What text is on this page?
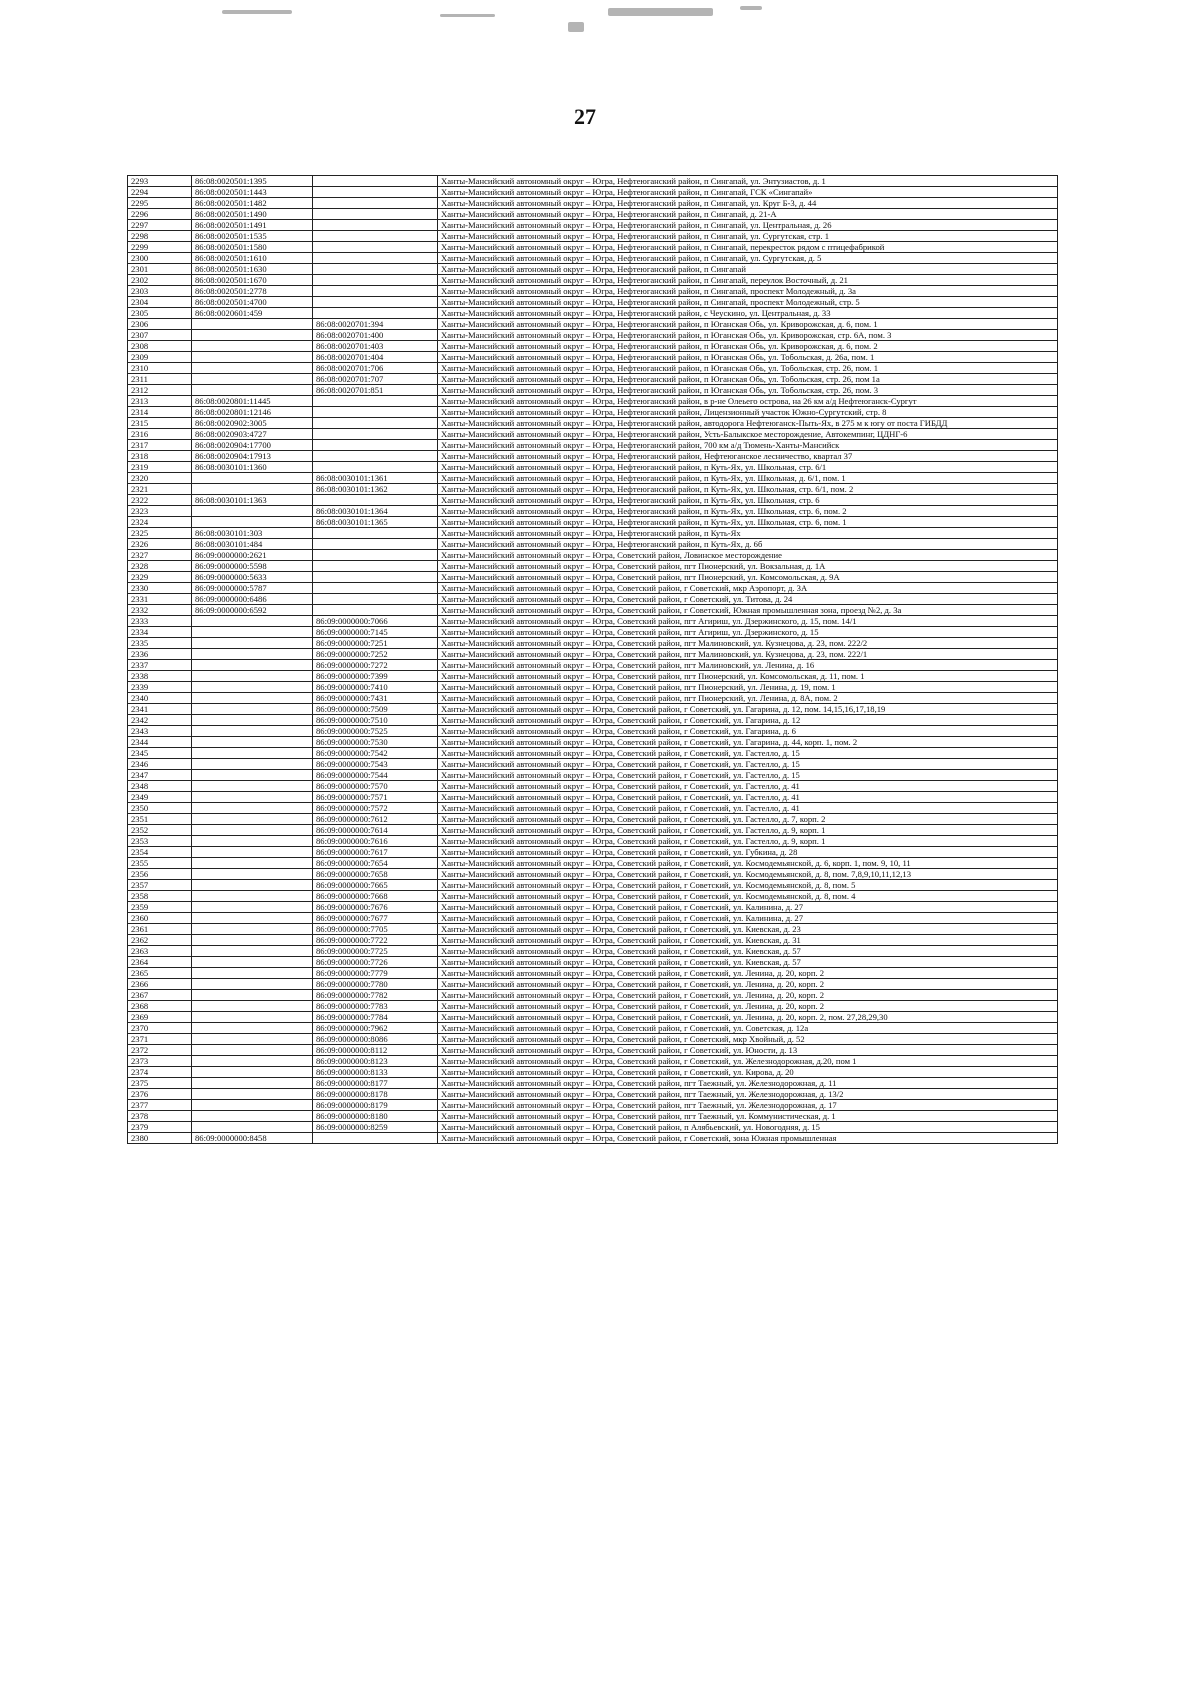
27
2293	86:08:0020501:1395		Ханты-Мансийский автономный округ – Югра, Нефтеюганский район, п Сингапай, ул. Энтузиастов, д. 1
2294	86:08:0020501:1443		Ханты-Мансийский автономный округ – Югра, Нефтеюганский район, п Сингапай, ГСК «Сингапай»
2295	86:08:0020501:1482		Ханты-Мансийский автономный округ – Югра, Нефтеюганский район, п Сингапай, ул. Круг Б-3, д. 44
2296	86:08:0020501:1490		Ханты-Мансийский автономный округ – Югра, Нефтеюганский район, п Сингапай, д. 21-А
2297	86:08:0020501:1491		Ханты-Мансийский автономный округ – Югра, Нефтеюганский район, п Сингапай, ул. Центральная, д. 26
2298	86:08:0020501:1535		Ханты-Мансийский автономный округ – Югра, Нефтеюганский район, п Сингапай, ул. Сургутская, стр. 1
2299	86:08:0020501:1580		Ханты-Мансийский автономный округ – Югра, Нефтеюганский район, п Сингапай, перекресток рядом с птицефабрикой
2300	86:08:0020501:1610		Ханты-Мансийский автономный округ – Югра, Нефтеюганский район, п Сингапай, ул. Сургутская, д. 5
2301	86:08:0020501:1630		Ханты-Мансийский автономный округ – Югра, Нефтеюганский район, п Сингапай
2302	86:08:0020501:1670		Ханты-Мансийский автономный округ – Югра, Нефтеюганский район, п Сингапай, переулок Восточный, д. 21
2303	86:08:0020501:2778		Ханты-Мансийский автономный округ – Югра, Нефтеюганский район, п Сингапай, проспект Молодежный, д. 3а
2304	86:08:0020501:4700		Ханты-Мансийский автономный округ – Югра, Нефтеюганский район, п Сингапай, проспект Молодежный, стр. 5
2305	86:08:0020601:459		Ханты-Мансийский автономный округ – Югра, Нефтеюганский район, с Чеускино, ул. Центральная, д. 33
2306		86:08:0020701:394	Ханты-Мансийский автономный округ – Югра, Нефтеюганский район, п Юганская Обь, ул. Криворожская, д. 6, пом. 1
2307		86:08:0020701:400	Ханты-Мансийский автономный округ – Югра, Нефтеюганский район, п Юганская Обь, ул. Криворожская, стр. 6А, пом. 3
2308		86:08:0020701:403	Ханты-Мансийский автономный округ – Югра, Нефтеюганский район, п Юганская Обь, ул. Криворожская, д. 6, пом. 2
2309		86:08:0020701:404	Ханты-Мансийский автономный округ – Югра, Нефтеюганский район, п Юганская Обь, ул. Тобольская, д. 26а, пом. 1
2310		86:08:0020701:706	Ханты-Мансийский автономный округ – Югра, Нефтеюганский район, п Юганская Обь, ул. Тобольская, стр. 26, пом. 1
2311		86:08:0020701:707	Ханты-Мансийский автономный округ – Югра, Нефтеюганский район, п Юганская Обь, ул. Тобольская, стр. 26, пом 1а
2312		86:08:0020701:851	Ханты-Мансийский автономный округ – Югра, Нефтеюганский район, п Юганская Обь, ул. Тобольская, стр. 26, пом. 3
2313	86:08:0020801:11445		Ханты-Мансийский автономный округ – Югра, Нефтеюганский район, в р-не Олеьего острова, на 26 км а/д Нефтеюганск-Сургут
2314	86:08:0020801:12146		Ханты-Мансийский автономный округ – Югра, Нефтеюганский район, Лицензионный участок Южно-Сургутский, стр. 8
2315	86:08:0020902:3005		Ханты-Мансийский автономный округ – Югра, Нефтеюганский район, автодорога Нефтеюганск-Пыть-Ях, в 275 м к югу от поста ГИБДД
2316	86:08:0020903:4727		Ханты-Мансийский автономный округ – Югра, Нефтеюганский район, Усть-Балыкское месторождение, Автокемпинг, ЦДНГ-6
2317	86:08:0020904:17700		Ханты-Мансийский автономный округ – Югра, Нефтеюганский район, 700 км а/д Тюмень-Ханты-Мансийск
2318	86:08:0020904:17913		Ханты-Мансийский автономный округ – Югра, Нефтеюганский район, Нефтеюганское лесничество, квартал 37
2319	86:08:0030101:1360		Ханты-Мансийский автономный округ – Югра, Нефтеюганский район, п Куть-Ях, ул. Школьная, стр. 6/1
2320		86:08:0030101:1361	Ханты-Мансийский автономный округ – Югра, Нефтеюганский район, п Куть-Ях, ул. Школьная, д. 6/1, пом. 1
2321		86:08:0030101:1362	Ханты-Мансийский автономный округ – Югра, Нефтеюганский район, п Куть-Ях, ул. Школьная, стр. 6/1, пом. 2
2322	86:08:0030101:1363		Ханты-Мансийский автономный округ – Югра, Нефтеюганский район, п Куть-Ях, ул. Школьная, стр. 6
2323		86:08:0030101:1364	Ханты-Мансийский автономный округ – Югра, Нефтеюганский район, п Куть-Ях, ул. Школьная, стр. 6, пом. 2
2324		86:08:0030101:1365	Ханты-Мансийский автономный округ – Югра, Нефтеюганский район, п Куть-Ях, ул. Школьная, стр. 6, пом. 1
2325	86:08:0030101:303		Ханты-Мансийский автономный округ – Югра, Нефтеюганский район, п Куть-Ях
2326	86:08:0030101:484		Ханты-Мансийский автономный округ – Югра, Нефтеюганский район, п Куть-Ях, д. 6б
2327	86:09:0000000:2621		Ханты-Мансийский автономный округ – Югра, Советский район, Ловинское месторождение
2328	86:09:0000000:5598		Ханты-Мансийский автономный округ – Югра, Советский район, пгт Пионерский, ул. Вокзальная, д. 1А
2329	86:09:0000000:5633		Ханты-Мансийский автономный округ – Югра, Советский район, пгт Пионерский, ул. Комсомольская, д. 9А
2330	86:09:0000000:5787		Ханты-Мансийский автономный округ – Югра, Советский район, г Советский, мкр Аэропорт, д. 3А
2331	86:09:0000000:6486		Ханты-Мансийский автономный округ – Югра, Советский район, г Советский, ул. Титова, д. 24
2332	86:09:0000000:6592		Ханты-Мансийский автономный округ – Югра, Советский район, г Советский, Южная промышленная зона, проезд №2, д. 3а
2333		86:09:0000000:7066	Ханты-Мансийский автономный округ – Югра, Советский район, пгт Агириш, ул. Дзержинского, д. 15, пом. 14/1
2334		86:09:0000000:7145	Ханты-Мансийский автономный округ – Югра, Советский район, пгт Агириш, ул. Дзержинского, д. 15
2335		86:09:0000000:7251	Ханты-Мансийский автономный округ – Югра, Советский район, пгт Малиновский, ул. Кузнецова, д. 23, пом. 222/2
2336		86:09:0000000:7252	Ханты-Мансийский автономный округ – Югра, Советский район, пгт Малиновский, ул. Кузнецова, д. 23, пом. 222/1
2337		86:09:0000000:7272	Ханты-Мансийский автономный округ – Югра, Советский район, пгт Малиновский, ул. Ленина, д. 16
2338		86:09:0000000:7399	Ханты-Мансийский автономный округ – Югра, Советский район, пгт Пионерский, ул. Комсомольская, д. 11, пом. 1
2339		86:09:0000000:7410	Ханты-Мансийский автономный округ – Югра, Советский район, пгт Пионерский, ул. Ленина, д. 19, пом. 1
2340		86:09:0000000:7431	Ханты-Мансийский автономный округ – Югра, Советский район, пгт Пионерский, ул. Ленина, д. 8А, пом. 2
2341		86:09:0000000:7509	Ханты-Мансийский автономный округ – Югра, Советский район, г Советский, ул. Гагарина, д. 12, пом. 14,15,16,17,18,19
2342		86:09:0000000:7510	Ханты-Мансийский автономный округ – Югра, Советский район, г Советский, ул. Гагарина, д. 12
2343		86:09:0000000:7525	Ханты-Мансийский автономный округ – Югра, Советский район, г Советский, ул. Гагарина, д. 6
2344		86:09:0000000:7530	Ханты-Мансийский автономный округ – Югра, Советский район, г Советский, ул. Гагарина, д. 44, корп. 1, пом. 2
2345		86:09:0000000:7542	Ханты-Мансийский автономный округ – Югра, Советский район, г Советский, ул. Гастелло, д. 15
2346		86:09:0000000:7543	Ханты-Мансийский автономный округ – Югра, Советский район, г Советский, ул. Гастелло, д. 15
2347		86:09:0000000:7544	Ханты-Мансийский автономный округ – Югра, Советский район, г Советский, ул. Гастелло, д. 15
2348		86:09:0000000:7570	Ханты-Мансийский автономный округ – Югра, Советский район, г Советский, ул. Гастелло, д. 41
2349		86:09:0000000:7571	Ханты-Мансийский автономный округ – Югра, Советский район, г Советский, ул. Гастелло, д. 41
2350		86:09:0000000:7572	Ханты-Мансийский автономный округ – Югра, Советский район, г Советский, ул. Гастелло, д. 41
2351		86:09:0000000:7612	Ханты-Мансийский автономный округ – Югра, Советский район, г Советский, ул. Гастелло, д. 7, корп. 2
2352		86:09:0000000:7614	Ханты-Мансийский автономный округ – Югра, Советский район, г Советский, ул. Гастелло, д. 9, корп. 1
2353		86:09:0000000:7616	Ханты-Мансийский автономный округ – Югра, Советский район, г Советский, ул. Гастелло, д. 9, корп. 1
2354		86:09:0000000:7617	Ханты-Мансийский автономный округ – Югра, Советский район, г Советский, ул. Губкина, д. 28
2355		86:09:0000000:7654	Ханты-Мансийский автономный округ – Югра, Советский район, г Советский, ул. Космодемьянской, д. 6, корп. 1, пом. 9, 10, 11
2356		86:09:0000000:7658	Ханты-Мансийский автономный округ – Югра, Советский район, г Советский, ул. Космодемьянской, д. 8, пом. 7,8,9,10,11,12,13
2357		86:09:0000000:7665	Ханты-Мансийский автономный округ – Югра, Советский район, г Советский, ул. Космодемьянской, д. 8, пом. 5
2358		86:09:0000000:7668	Ханты-Мансийский автономный округ – Югра, Советский район, г Советский, ул. Космодемьянской, д. 8, пом. 4
2359		86:09:0000000:7676	Ханты-Мансийский автономный округ – Югра, Советский район, г Советский, ул. Калинина, д. 27
2360		86:09:0000000:7677	Ханты-Мансийский автономный округ – Югра, Советский район, г Советский, ул. Калинина, д. 27
2361		86:09:0000000:7705	Ханты-Мансийский автономный округ – Югра, Советский район, г Советский, ул. Киевская, д. 23
2362		86:09:0000000:7722	Ханты-Мансийский автономный округ – Югра, Советский район, г Советский, ул. Киевская, д. 31
2363		86:09:0000000:7725	Ханты-Мансийский автономный округ – Югра, Советский район, г Советский, ул. Киевская, д. 57
2364		86:09:0000000:7726	Ханты-Мансийский автономный округ – Югра, Советский район, г Советский, ул. Киевская, д. 57
2365		86:09:0000000:7779	Ханты-Мансийский автономный округ – Югра, Советский район, г Советский, ул. Ленина, д. 20, корп. 2
2366		86:09:0000000:7780	Ханты-Мансийский автономный округ – Югра, Советский район, г Советский, ул. Ленина, д. 20, корп. 2
2367		86:09:0000000:7782	Ханты-Мансийский автономный округ – Югра, Советский район, г Советский, ул. Ленина, д. 20, корп. 2
2368		86:09:0000000:7783	Ханты-Мансийский автономный округ – Югра, Советский район, г Советский, ул. Ленина, д. 20, корп. 2
2369		86:09:0000000:7784	Ханты-Мансийский автономный округ – Югра, Советский район, г Советский, ул. Ленина, д. 20, корп. 2, пом. 27,28,29,30
2370		86:09:0000000:7962	Ханты-Мансийский автономный округ – Югра, Советский район, г Советский, ул. Советская, д. 12а
2371		86:09:0000000:8086	Ханты-Мансийский автономный округ – Югра, Советский район, г Советский, мкр Хвойный, д. 52
2372		86:09:0000000:8112	Ханты-Мансийский автономный округ – Югра, Советский район, г Советский, ул. Юности, д. 13
2373		86:09:0000000:8123	Ханты-Мансийский автономный округ – Югра, Советский район, г Советский, ул. Железнодорожная, д.20, пом 1
2374		86:09:0000000:8133	Ханты-Мансийский автономный округ – Югра, Советский район, г Советский, ул. Кирова, д. 20
2375		86:09:0000000:8177	Ханты-Мансийский автономный округ – Югра, Советский район, пгт Таежный, ул. Железнодорожная, д. 11
2376		86:09:0000000:8178	Ханты-Мансийский автономный округ – Югра, Советский район, пгт Таежный, ул. Железнодорожная, д. 13/2
2377		86:09:0000000:8179	Ханты-Мансийский автономный округ – Югра, Советский район, пгт Таежный, ул. Железнодорожная, д. 17
2378		86:09:0000000:8180	Ханты-Мансийский автономный округ – Югра, Советский район, пгт Таежный, ул. Коммунистическая, д. 1
2379		86:09:0000000:8259	Ханты-Мансийский автономный округ – Югра, Советский район, п Алябьевский, ул. Новогодняя, д. 15
2380	86:09:0000000:8458		Ханты-Мансийский автономный округ – Югра, Советский район, г Советский, зона Южная промышленная
